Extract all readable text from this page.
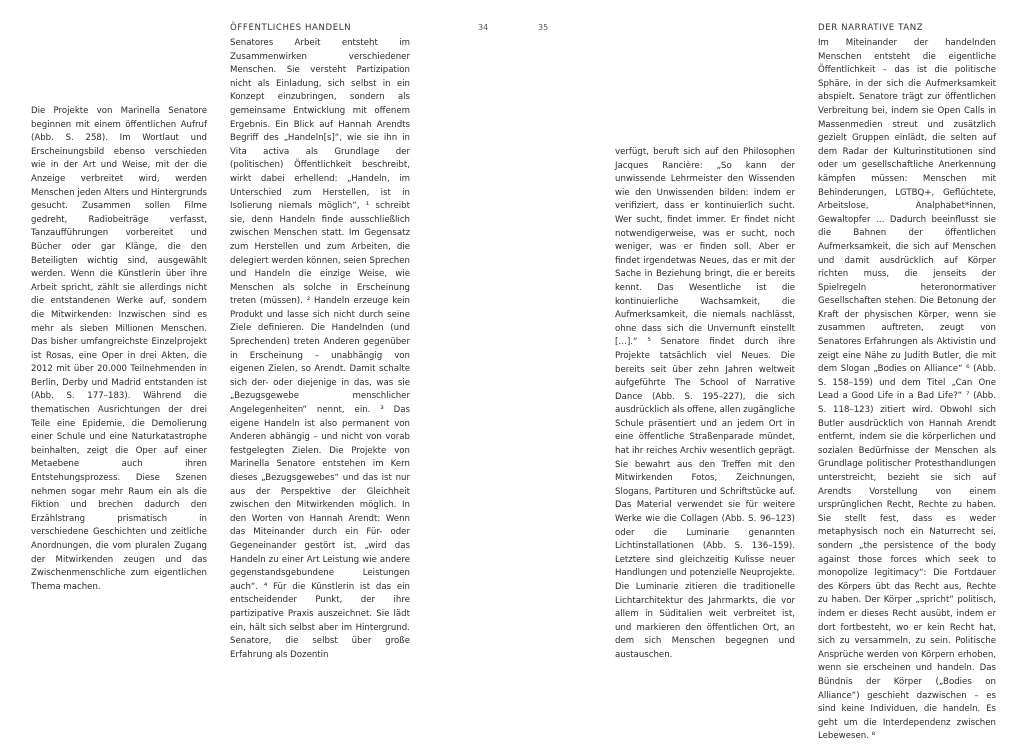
ÖFFENTLICHES HANDELN	34	35	DER NARRATIVE TANZ

Die Projekte von Marinella Senatore beginnen mit einem öffentlichen Aufruf (Abb. S. 258). Im Wortlaut und Erscheinungsbild ebenso verschieden wie in der Art und Weise, mit der die Anzeige verbreitet wird, werden Menschen jeden Alters und Hintergrunds gesucht. Zusammen sollen Filme gedreht, Radiobeiträge verfasst, Tanzaufführungen vorbereitet und Bücher oder gar Klänge, die den Beteiligten wichtig sind, ausgewählt werden. Wenn die Künstlerin über ihre Arbeit spricht, zählt sie allerdings nicht die entstandenen Werke auf, sondern die Mitwirkenden: Inzwischen sind es mehr als sieben Millionen Menschen. Das bisher umfangreichste Einzelprojekt ist Rosas, eine Oper in drei Akten, die 2012 mit über 20.000 Teilnehmenden in Berlin, Derby und Madrid entstanden ist (Abb. S. 177–183). Während die thematischen Ausrichtungen der drei Teile eine Epidemie, die Demolierung einer Schule und eine Naturkatastrophe beinhalten, zeigt die Oper auf einer Metaebene auch ihren Entstehungsprozess. Diese Szenen nehmen sogar mehr Raum ein als die Fiktion und brechen dadurch den Erzählstrang prismatisch in verschiedene Geschichten und zeitliche Anordnungen, die vom pluralen Zugang der Mitwirkenden zeugen und das Zwischenmenschliche zum eigentlichen Thema machen.

Senatores Arbeit entsteht im Zusammenwirken verschiedener Menschen. Sie versteht Partizipation nicht als Einladung, sich selbst in ein Konzept einzubringen, sondern als gemeinsame Entwicklung mit offenem Ergebnis. Ein Blick auf Hannah Arendts Begriff des „Handeln[s]“, wie sie ihn in Vita activa als Grundlage der (politischen) Öffentlichkeit beschreibt, wirkt dabei erhellend: „Handeln, im Unterschied zum Herstellen, ist in Isolierung niemals möglich“, ¹ schreibt sie, denn Handeln finde ausschließlich zwischen Menschen statt. Im Gegensatz zum Herstellen und zum Arbeiten, die delegiert werden können, seien Sprechen und Handeln die einzige Weise, wie Menschen als solche in Erscheinung treten (müssen). ² Handeln erzeuge kein Produkt und lasse sich nicht durch seine Ziele definieren. Die Handelnden (und Sprechenden) treten Anderen gegenüber in Erscheinung – unabhängig von eigenen Zielen, so Arendt. Damit schalte sich der- oder diejenige in das, was sie „Bezugsgewebe menschlicher Angelegenheiten“ nennt, ein. ³ Das eigene Handeln ist also permanent von Anderen abhängig – und nicht von vorab festgelegten Zielen. Die Projekte von Marinella Senatore entstehen im Kern dieses „Bezugsgewebes“ und das ist nur aus der Perspektive der Gleichheit zwischen den Mitwirkenden möglich. In den Worten von Hannah Arendt: Wenn das Miteinander durch ein Für- oder Gegeneinander gestört ist, „wird das Handeln zu einer Art Leistung wie andere gegenstandsgebundene Leistungen auch“. ⁴ Für die Künstlerin ist das ein entscheidender Punkt, der ihre partizipative Praxis auszeichnet. Sie lädt ein, hält sich selbst aber im Hintergrund. Senatore, die selbst über große Erfahrung als Dozentin

verfügt, beruft sich auf den Philosophen Jacques Rancière: „So kann der unwissende Lehrmeister den Wissenden wie den Unwissenden bilden: indem er verifiziert, dass er kontinuierlich sucht. Wer sucht, findet immer. Er findet nicht notwendigerweise, was er sucht, noch weniger, was er finden soll. Aber er findet irgendetwas Neues, das er mit der Sache in Beziehung bringt, die er bereits kennt. Das Wesentliche ist die kontinuierliche Wachsamkeit, die Aufmerksamkeit, die niemals nachlässt, ohne dass sich die Unvernunft einstellt […].“ ⁵ Senatore findet durch ihre Projekte tatsächlich viel Neues. Die bereits seit über zehn Jahren weltweit aufgeführte The School of Narrative Dance (Abb. S. 195–227), die sich ausdrücklich als offene, allen zugängliche Schule präsentiert und an jedem Ort in eine öffentliche Straßenparade mündet, hat ihr reiches Archiv wesentlich geprägt. Sie bewahrt aus den Treffen mit den Mitwirkenden Fotos, Zeichnungen, Slogans, Partituren und Schriftstücke auf. Das Material verwendet sie für weitere Werke wie die Collagen (Abb. S. 96–123) oder die Luminarie genannten Lichtinstallationen (Abb. S. 136–159). Letztere sind gleichzeitig Kulisse neuer Handlungen und potenzielle Neuprojekte. Die Luminarie zitieren die traditionelle Lichtarchitektur des Jahrmarkts, die vor allem in Süditalien weit verbreitet ist, und markieren den öffentlichen Ort, an dem sich Menschen begegnen und austauschen.

Im Miteinander der handelnden Menschen entsteht die eigentliche Öffentlichkeit – das ist die politische Sphäre, in der sich die Aufmerksamkeit abspielt. Senatore trägt zur öffentlichen Verbreitung bei, indem sie Open Calls in Massenmedien streut und zusätzlich gezielt Gruppen einlädt, die selten auf dem Radar der Kulturinstitutionen sind oder um gesellschaftliche Anerkennung kämpfen müssen: Menschen mit Behinderungen, LGTBQ+, Geflüchtete, Arbeitslose, Analphabet*innen, Gewaltopfer … Dadurch beeinflusst sie die Bahnen der öffentlichen Aufmerksamkeit, die sich auf Menschen und damit ausdrücklich auf Körper richten muss, die jenseits der Spielregeln heteronormativer Gesellschaften stehen. Die Betonung der Kraft der physischen Körper, wenn sie zusammen auftreten, zeugt von Senatores Erfahrungen als Aktivistin und zeigt eine Nähe zu Judith Butler, die mit dem Slogan „Bodies on Alliance“ ⁶ (Abb. S. 158–159) und dem Titel „Can One Lead a Good Life in a Bad Life?“ ⁷ (Abb. S. 118–123) zitiert wird. Obwohl sich Butler ausdrücklich von Hannah Arendt entfernt, indem sie die körperlichen und sozialen Bedürfnisse der Menschen als Grundlage politischer Protesthandlungen unterstreicht, bezieht sie sich auf Arendts Vorstellung von einem ursprünglichen Recht, Rechte zu haben. Sie stellt fest, dass es weder metaphysisch noch ein Naturrecht sei, sondern „the persistence of the body against those forces which seek to monopolize legitimacy“: Die Fortdauer des Körpers übt das Recht aus, Rechte zu haben. Der Körper „spricht“ politisch, indem er dieses Recht ausübt, indem er dort fortbesteht, wo er kein Recht hat, sich zu versammeln, zu sein. Politische Ansprüche werden von Körpern erhoben, wenn sie erscheinen und handeln. Das Bündnis der Körper („Bodies on Alliance“) geschieht dazwischen – es sind keine Individuen, die handeln. Es geht um die Interdependenz zwischen Lebewesen. ⁸
